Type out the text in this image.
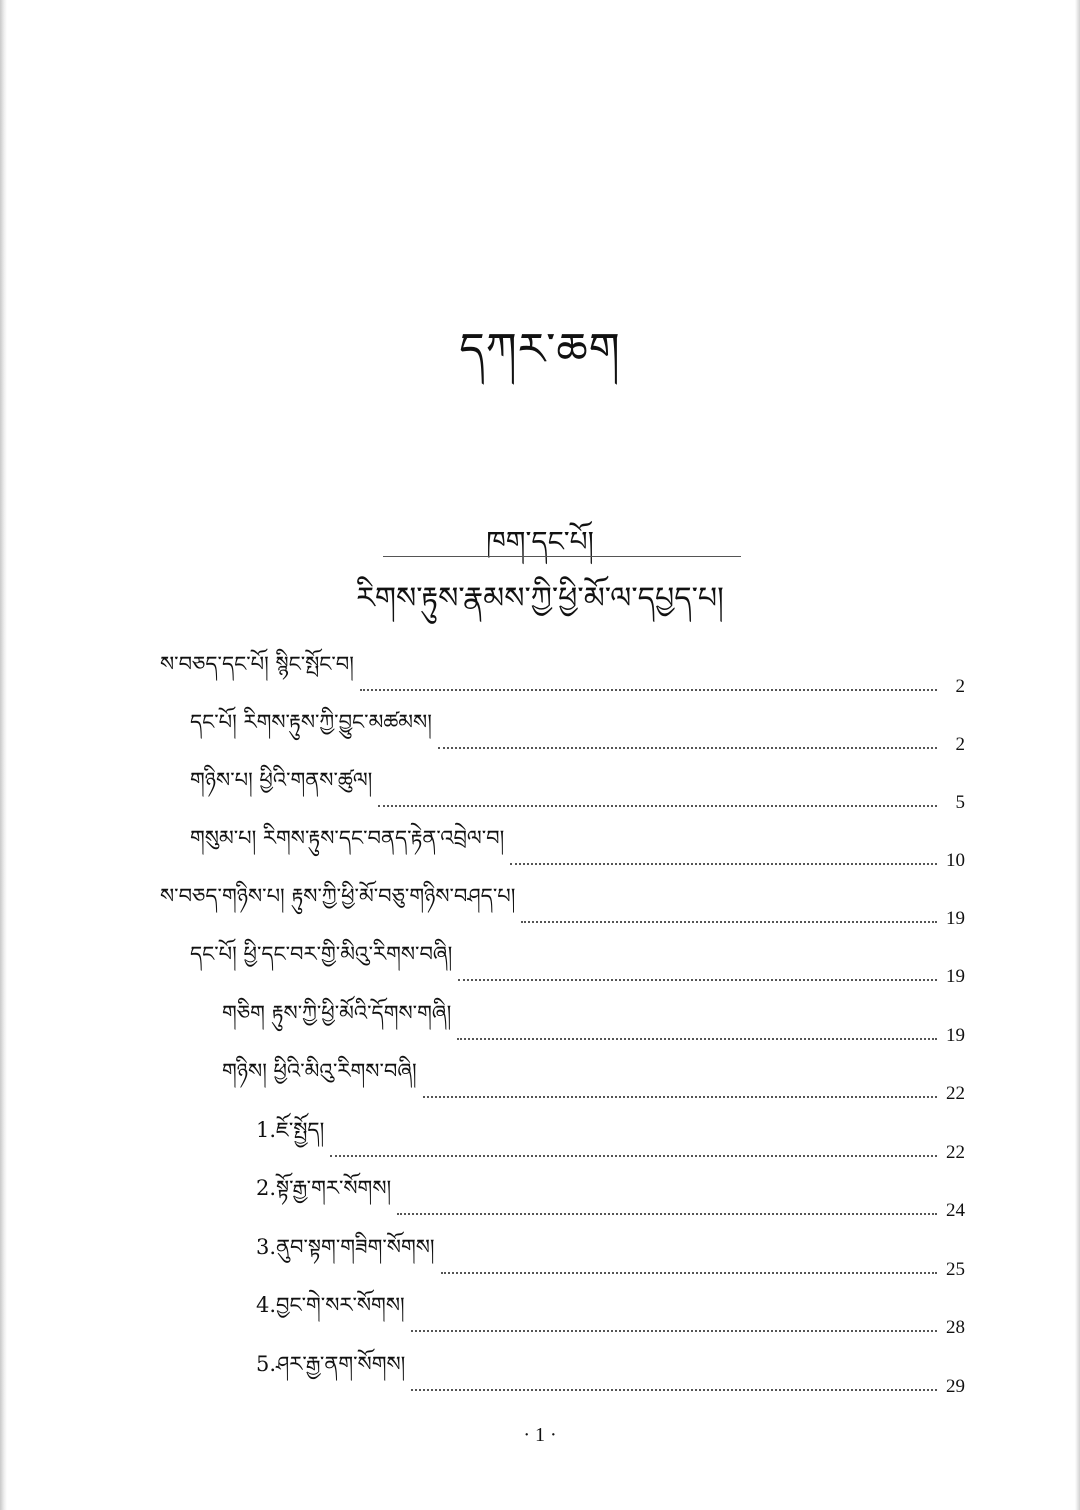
དཀར་ཆག
ཁག་དང་པོ།
རིགས་རྟུས་རྣམས་ཀྱི་ཕྱི་མོ་ལ་དཔྱད་པ།
ས་བཅད་དང་པོ། སྙིང་སྤོང་བ།
2
དང་པོ། རིགས་རྟུས་ཀྱི་བྱུང་མཚམས།
2
གཉིས་པ། ཕྱིའི་གནས་ཚུལ།
5
གསུམ་པ། རིགས་རྟུས་དང་བནད་རྟེན་འབྲེལ་བ།
10
ས་བཅད་གཉིས་པ། རྟུས་ཀྱི་ཕྱི་མོ་བཅུ་གཉིས་བཤད་པ།
19
དང་པོ། ཕྱི་དང་བར་གྱི་མིའུ་རིགས་བཞི།
19
གཅིག རྟུས་ཀྱི་ཕྱི་མོའི་དོགས་གཞི།
19
གཉིས། ཕྱིའི་མིའུ་རིགས་བཞི།
22
1.ཇོ་སྤྱོད།
22
2.སྟོ་རྒྱ་གར་སོགས།
24
3.ནུབ་སྟག་གཟིག་སོགས།
25
4.བྱང་གེ་སར་སོགས།
28
5.ཤར་རྒྱ་ནག་སོགས།
29
· 1 ·
